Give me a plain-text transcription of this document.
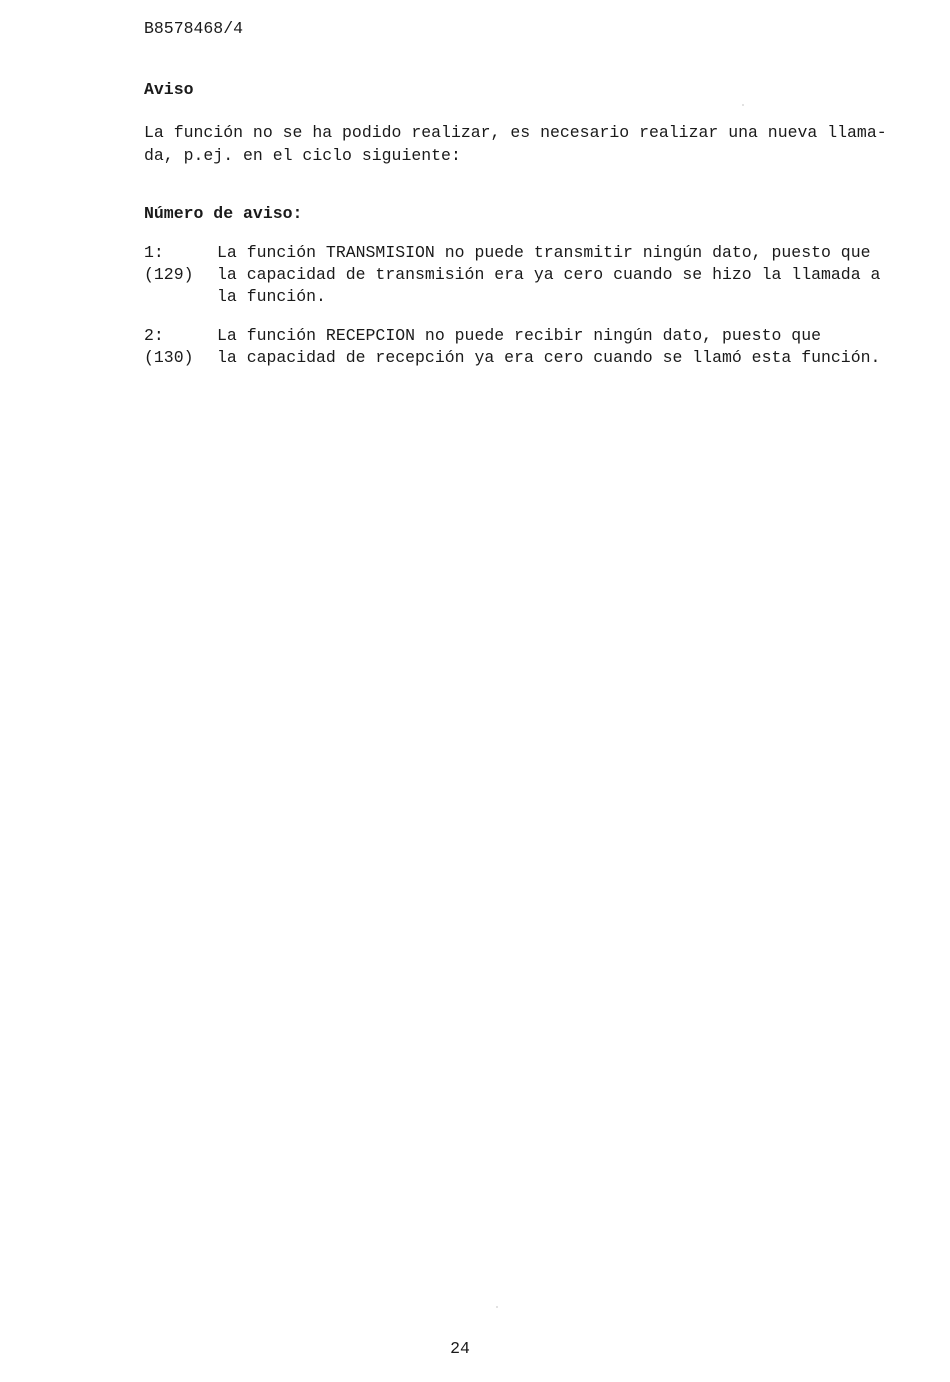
B8578468/4
Aviso
La función no se ha podido realizar, es necesario realizar una nueva llama-
da, p.ej. en el ciclo siguiente:
Número de aviso:
1:
(129)
La función TRANSMISION no puede transmitir ningún dato, puesto que
la capacidad de transmisión era ya cero cuando se hizo la llamada a
la función.
2:
(130)
La función RECEPCION no puede recibir ningún dato, puesto que
la capacidad de recepción ya era cero cuando se llamó esta función.
24
